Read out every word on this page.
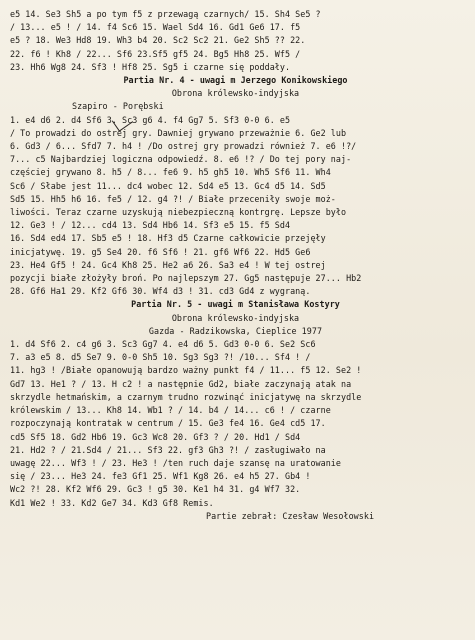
e5 14. Se3 Sh5 a po tym f5 z przewagą czarnych/ 15. Sh4 Se5 ?
/ 13... e5 ! / 14. f4 Sc6 15. Wael Sd4 16. Gd1 Ge6 17. f5
e5 ? 18. We3 Hd8 19. Wh3 b4 20. Sc2 Sc2 21. Ge2 Sh5 ?? 22.
22. f6 ! Kh8 / 22... Sf6 23.Sf5 gf5 24. Bg5 Hh8 25. Wf5 /
23. Hh6 Wg8 24. Sf3 ! Hf8 25. Sg5 i czarne się poddały.
Partia Nr. 4 - uwagi m Jerzego Konikowskiego
Obrona królewsko-indyjska
Szapiro - Porębski
1. e4 d6 2. d4 Sf6 3. Sc3 g6 4. f4 Gg7 5. Sf3 0-0 6. e5
/ To prowadzi do ostrej gry. Dawniej grywano przeważnie 6. Ge2 lub
6. Gd3 / 6... Sfd7 7. h4 ! /Do ostrej gry prowadzi również 7. e6 !?/
7... c5 Najbardziej logiczna odpowiedź. 8. e6 !? / Do tej pory naj-
częściej grywano 8. h5 / 8... fe6 9. h5 gh5 10. Wh5 Sf6 11. Wh4
Sc6 / Słabe jest 11... dc4 wobec 12. Sd4 e5 13. Gc4 d5 14. Sd5
Sd5 15. Hh5 h6 16. fe5 / 12. g4 ?! / Białe przeceniły swoje moż-
liwości. Teraz czarne uzyskują niebezpieczną kontrgrę. Lepsze było
12. Ge3 ! / 12... cd4 13. Sd4 Hb6 14. Sf3 e5 15. f5 Sd4
16. Sd4 ed4 17. Sb5 e5 ! 18. Hf3 d5 Czarne całkowicie przejęły
inicjatywę. 19. g5 Se4 20. f6 Sf6 ! 21. gf6 Wf6 22. Hd5 Ge6
23. He4 Gf5 ! 24. Gc4 Kh8 25. He2 a6 26. Sa3 e4 ! W tej ostrej
pozycji białe złożyły broń. Po najlepszym 27. Gg5 następuje 27... Hb2
28. Gf6 Ha1 29. Kf2 Gf6 30. Wf4 d3 ! 31. cd3 Gd4 z wygraną.
Partia Nr. 5 - uwagi m Stanisława Kostyry
Obrona królewsko-indyjska
Gazda - Radzikowska, Cieplice 1977
1. d4 Sf6 2. c4 g6 3. Sc3 Gg7 4. e4 d6 5. Gd3 0-0 6. Se2 Sc6
7. a3 e5 8. d5 Se7 9. 0-0 Sh5 10. Sg3 Sg3 ?! /10... Sf4 ! /
11. hg3 ! /Białe opanowują bardzo ważny punkt f4 / 11... f5 12. Se2 !
Gd7 13. He1 ? / 13. H c2 ! a następnie Gd2, białe zaczynają atak na
skrzydle hetmańskim, a czarnym trudno rozwinąć inicjatywę na skrzydle
królewskim / 13... Kh8 14. Wb1 ? / 14. b4 / 14... c6 ! / czarne
rozpoczynają kontratak w centrum / 15. Ge3 fe4 16. Ge4 cd5 17.
cd5 Sf5 18. Gd2 Hb6 19. Gc3 Wc8 20. Gf3 ? / 20. Hd1 / Sd4
21. Hd2 ? / 21.Sd4 / 21... Sf3 22. gf3 Gh3 ?! / zasługiwało na
uwagę 22... Wf3 ! / 23. He3 ! /ten ruch daje szansę na uratowanie
się / 23... He3 24. fe3 Gf1 25. Wf1 Kg8 26. e4 h5 27. Gb4 !
Wc2 ?! 28. Kf2 Wf6 29. Gc3 ! g5 30. Ke1 h4 31. g4 Wf7 32.
Kd1 We2 ! 33. Kd2 Ge7 34. Kd3 Gf8 Remis.
Partie zebrał: Czesław Wesołowski
